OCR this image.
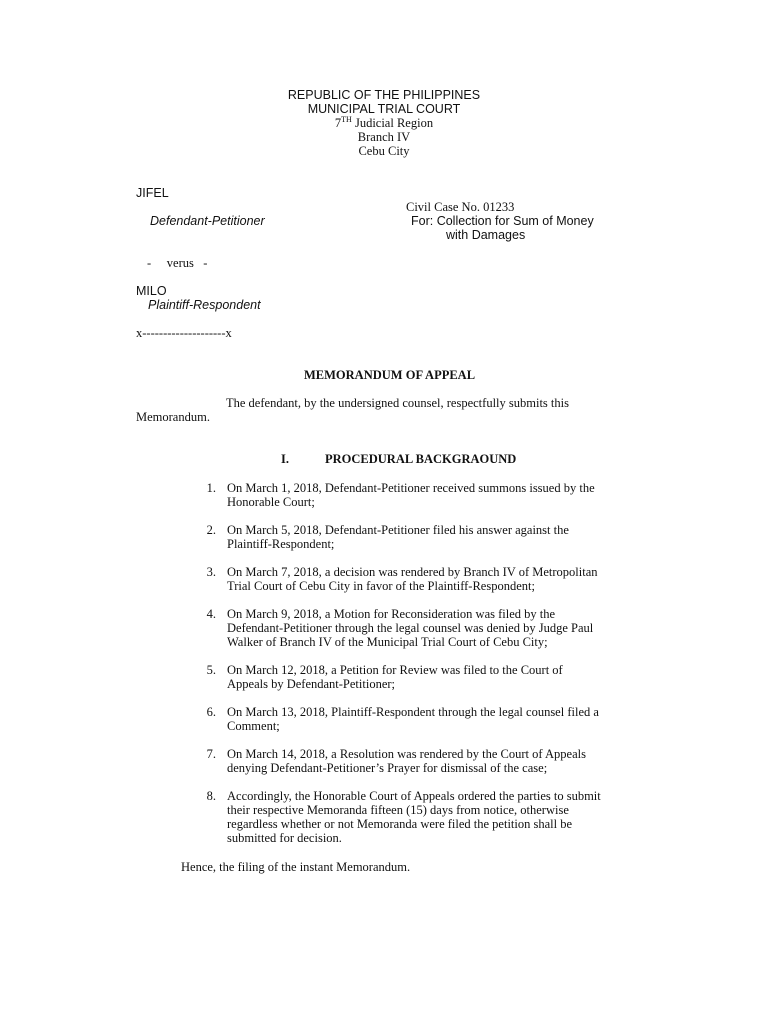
REPUBLIC OF THE PHILIPPINES
MUNICIPAL TRIAL COURT
7TH Judicial Region
Branch IV
Cebu City
JIFEL
Defendant-Petitioner
Civil Case No. 01233
For: Collection for Sum of Money
with Damages
-     verus   -
MILO
Plaintiff-Respondent
x--------------------x
MEMORANDUM OF APPEAL
The defendant, by the undersigned counsel, respectfully submits this
Memorandum.
I.	PROCEDURAL BACKGRAOUND
1. On March 1, 2018, Defendant-Petitioner received summons issued by the
Honorable Court;
2. On March 5, 2018, Defendant-Petitioner filed his answer against the
Plaintiff-Respondent;
3. On March 7, 2018, a decision was rendered by Branch IV of Metropolitan
Trial Court of Cebu City in favor of the Plaintiff-Respondent;
4. On March 9, 2018, a Motion for Reconsideration was filed by the
Defendant-Petitioner through the legal counsel was denied by Judge Paul
Walker of Branch IV of the Municipal Trial Court of Cebu City;
5. On March 12, 2018, a Petition for Review was filed to the Court of
Appeals by Defendant-Petitioner;
6. On March 13, 2018, Plaintiff-Respondent through the legal counsel filed a
Comment;
7. On March 14, 2018, a Resolution was rendered by the Court of Appeals
denying Defendant-Petitioner’s Prayer for dismissal of the case;
8. Accordingly, the Honorable Court of Appeals ordered the parties to submit
their respective Memoranda fifteen (15) days from notice, otherwise
regardless whether or not Memoranda were filed the petition shall be
submitted for decision.
Hence, the filing of the instant Memorandum.
